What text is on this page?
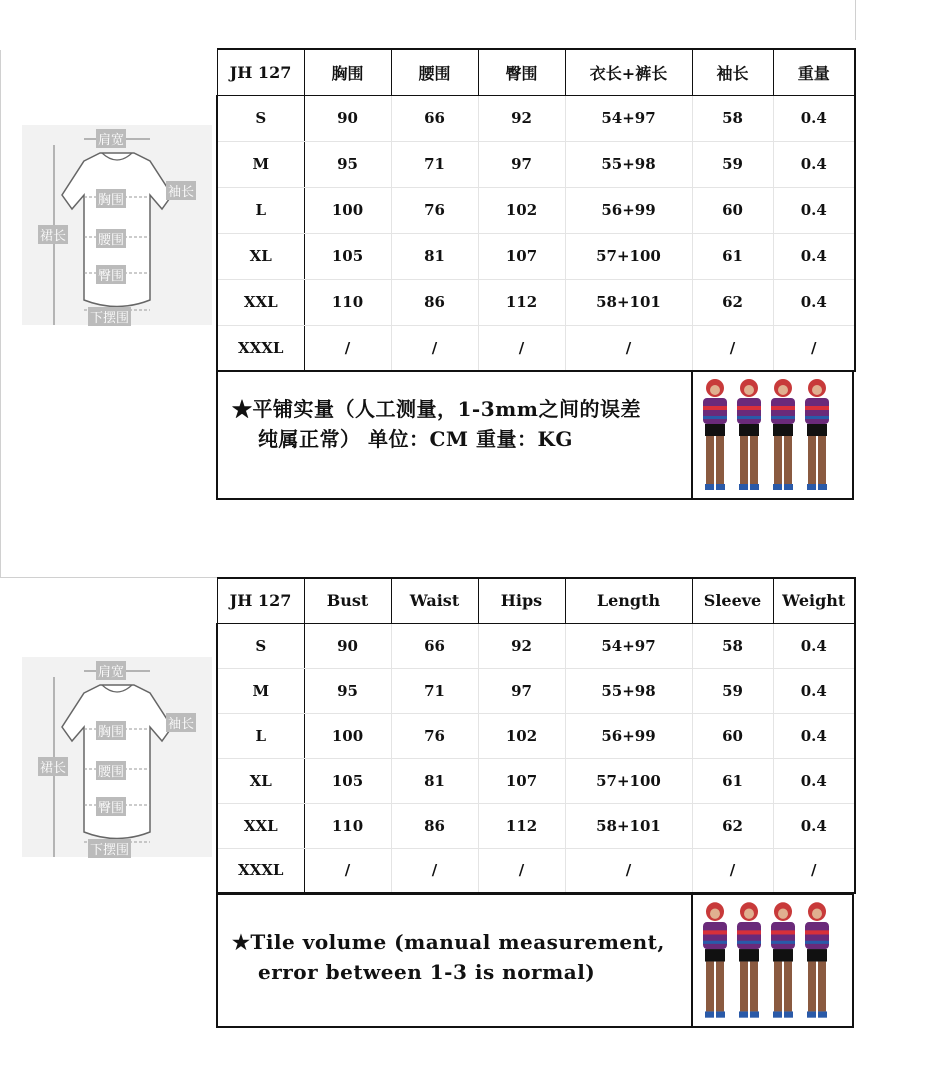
肩宽
袖长
胸围
裙长 腰围
臀围
下摆围
JH 127	胸围	腰围	臀围	衣长+裤长	袖长	重量
S	90	66	92	54+97	58	0.4
M	95	71	97	55+98	59	0.4
L	100	76	102	56+99	60	0.4
XL	105	81	107	57+100	61	0.4
XXL	110	86	112	58+101	62	0.4
XXXL	/	/	/	/	/	/
★平铺实量（人工测量，1-3mm之间的误差
纯属正常） 单位：CM 重量：KG
肩宽
袖长
胸围
裙长 腰围
臀围
下摆围
JH 127	Bust	Waist	Hips	Length	Sleeve	Weight
S	90	66	92	54+97	58	0.4
M	95	71	97	55+98	59	0.4
L	100	76	102	56+99	60	0.4
XL	105	81	107	57+100	61	0.4
XXL	110	86	112	58+101	62	0.4
XXXL	/	/	/	/	/	/
★Tile volume (manual measurement,
error between 1-3 is normal)
